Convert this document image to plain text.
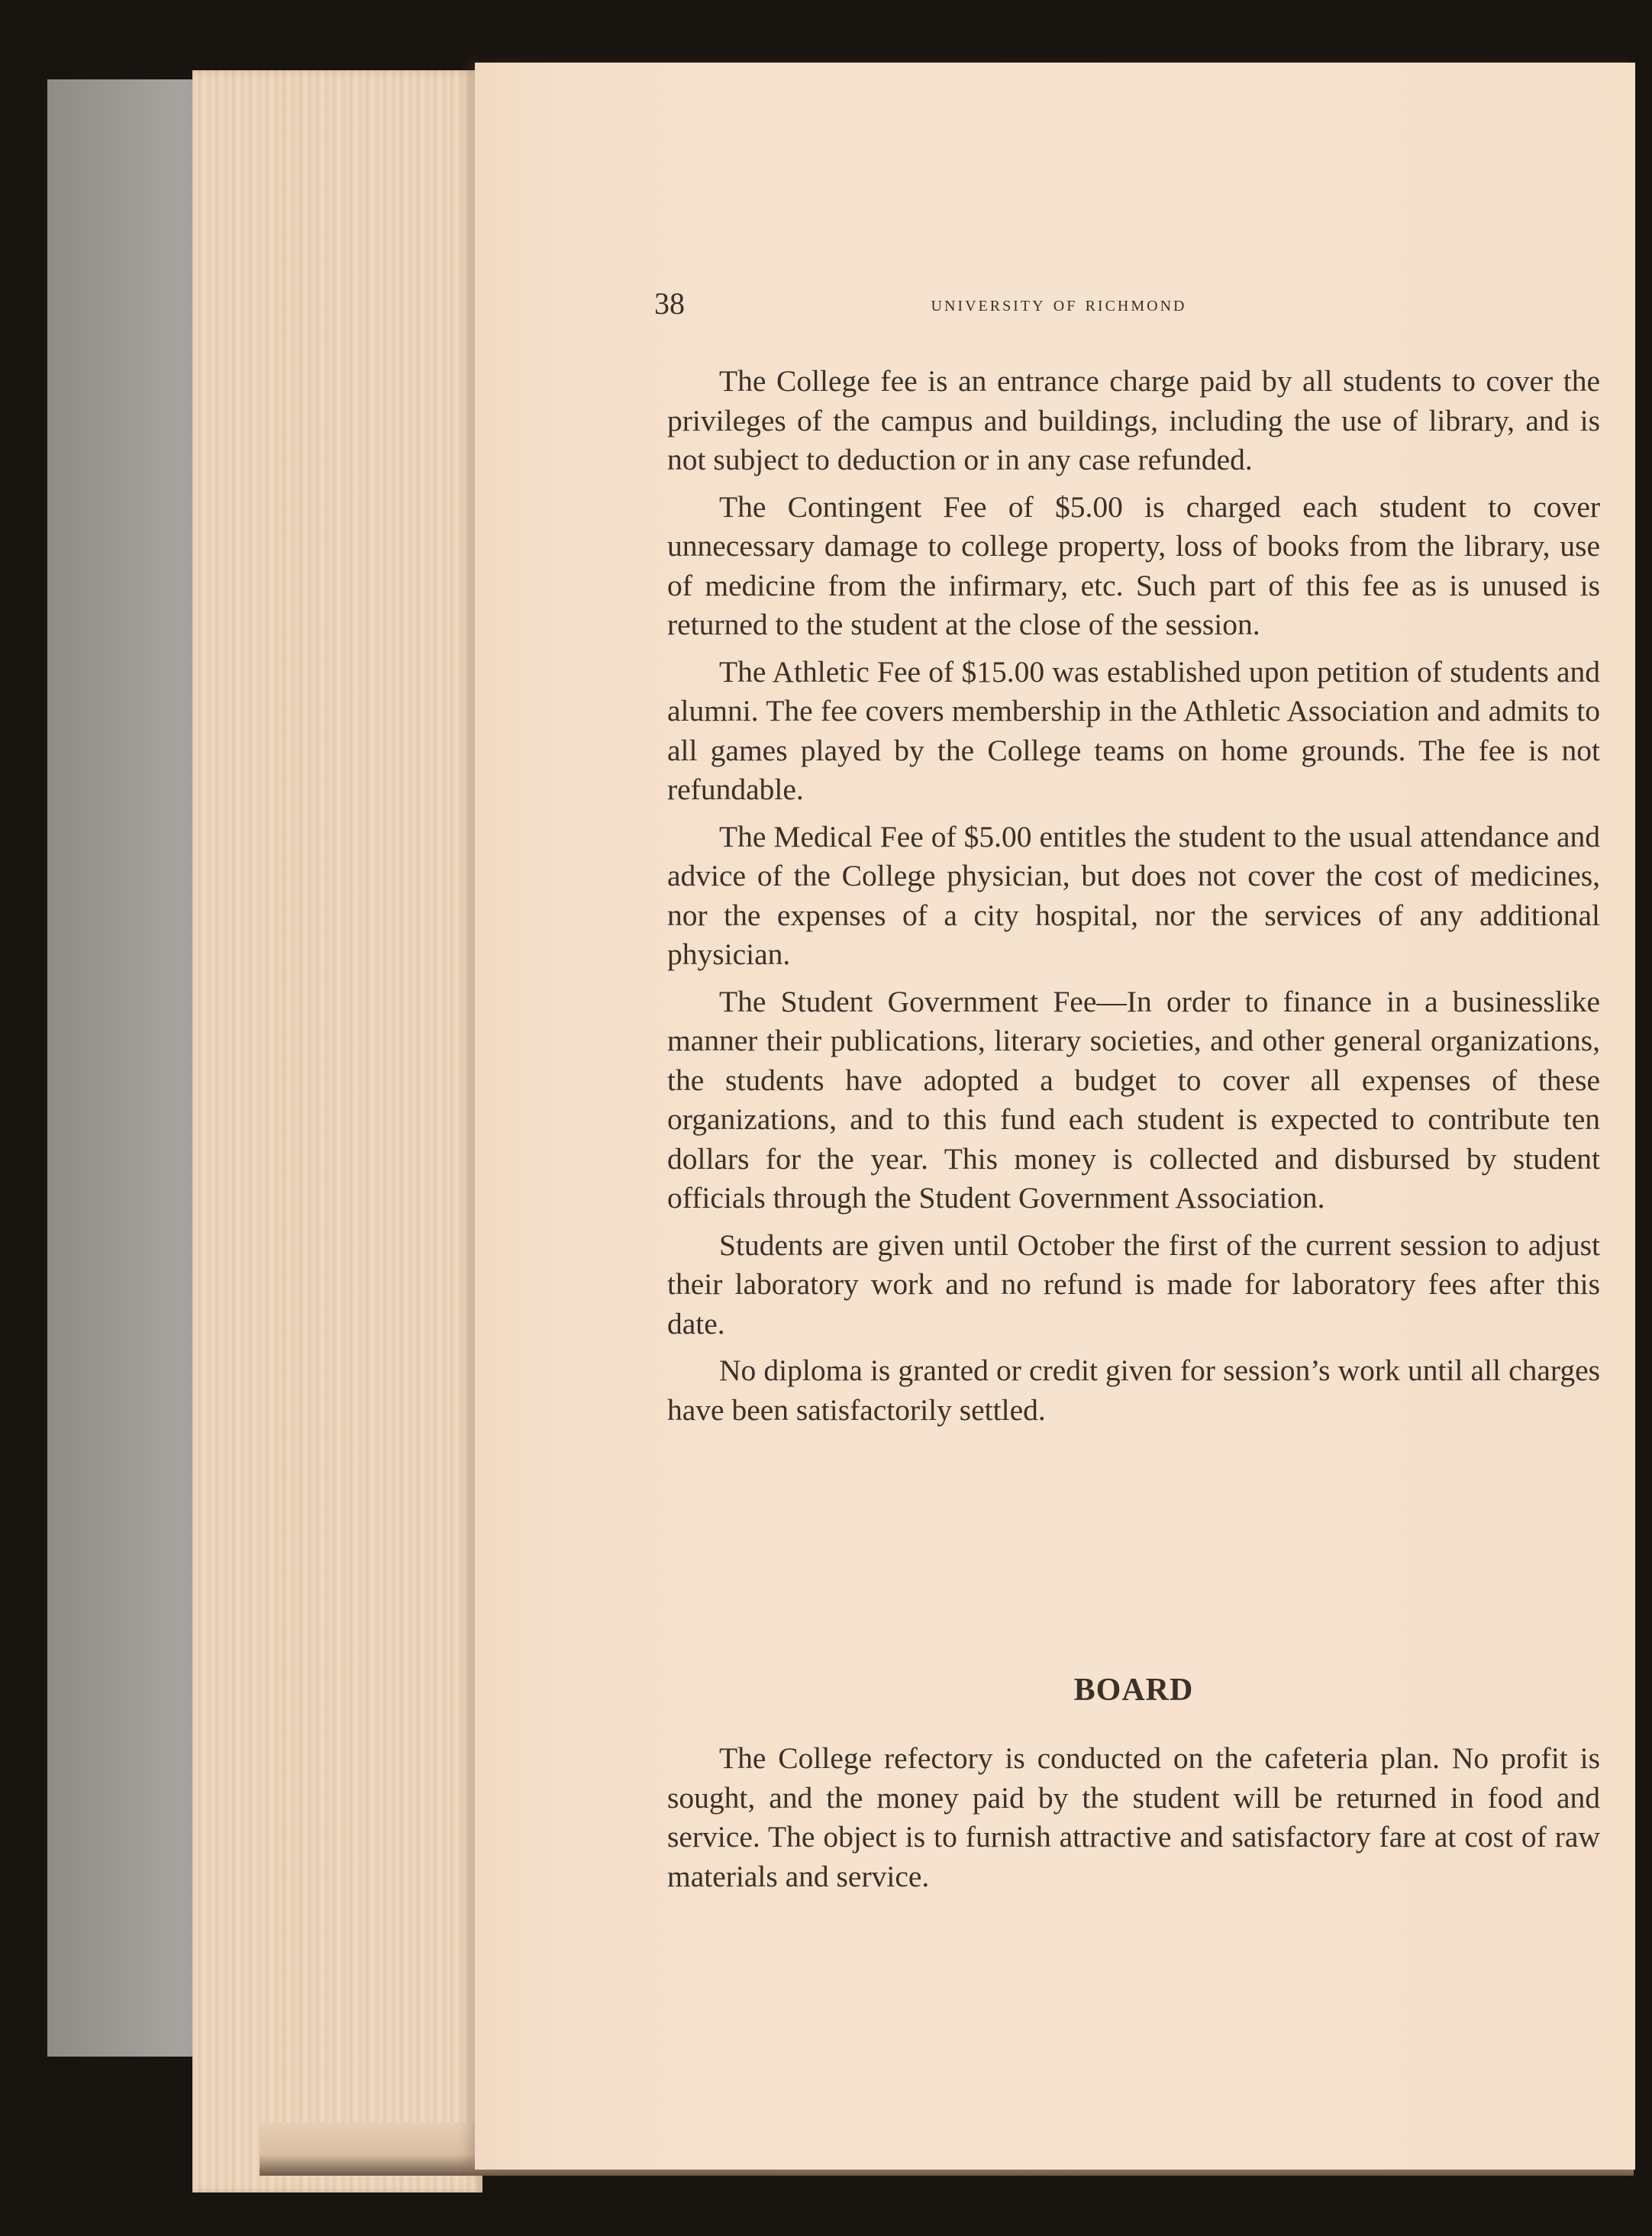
38	university of richmond

The College fee is an entrance charge paid by all students to cover the privileges of the campus and buildings, including the use of library, and is not subject to deduction or in any case refunded.

The Contingent Fee of $5.00 is charged each student to cover unnecessary damage to college property, loss of books from the library, use of medicine from the infirmary, etc. Such part of this fee as is unused is returned to the student at the close of the session.

The Athletic Fee of $15.00 was established upon petition of students and alumni. The fee covers membership in the Athletic Association and admits to all games played by the College teams on home grounds. The fee is not refundable.

The Medical Fee of $5.00 entitles the student to the usual attendance and advice of the College physician, but does not cover the cost of medicines, nor the expenses of a city hospital, nor the services of any additional physician.

The Student Government Fee—In order to finance in a businesslike manner their publications, literary societies, and other general organizations, the students have adopted a budget to cover all expenses of these organizations, and to this fund each student is expected to contribute ten dollars for the year. This money is collected and disbursed by student officials through the Student Government Association.

Students are given until October the first of the current session to adjust their laboratory work and no refund is made for laboratory fees after this date.

No diploma is granted or credit given for session’s work until all charges have been satisfactorily settled.

BOARD

The College refectory is conducted on the cafeteria plan. No profit is sought, and the money paid by the student will be returned in food and service. The object is to furnish attractive and satisfactory fare at cost of raw materials and service.
